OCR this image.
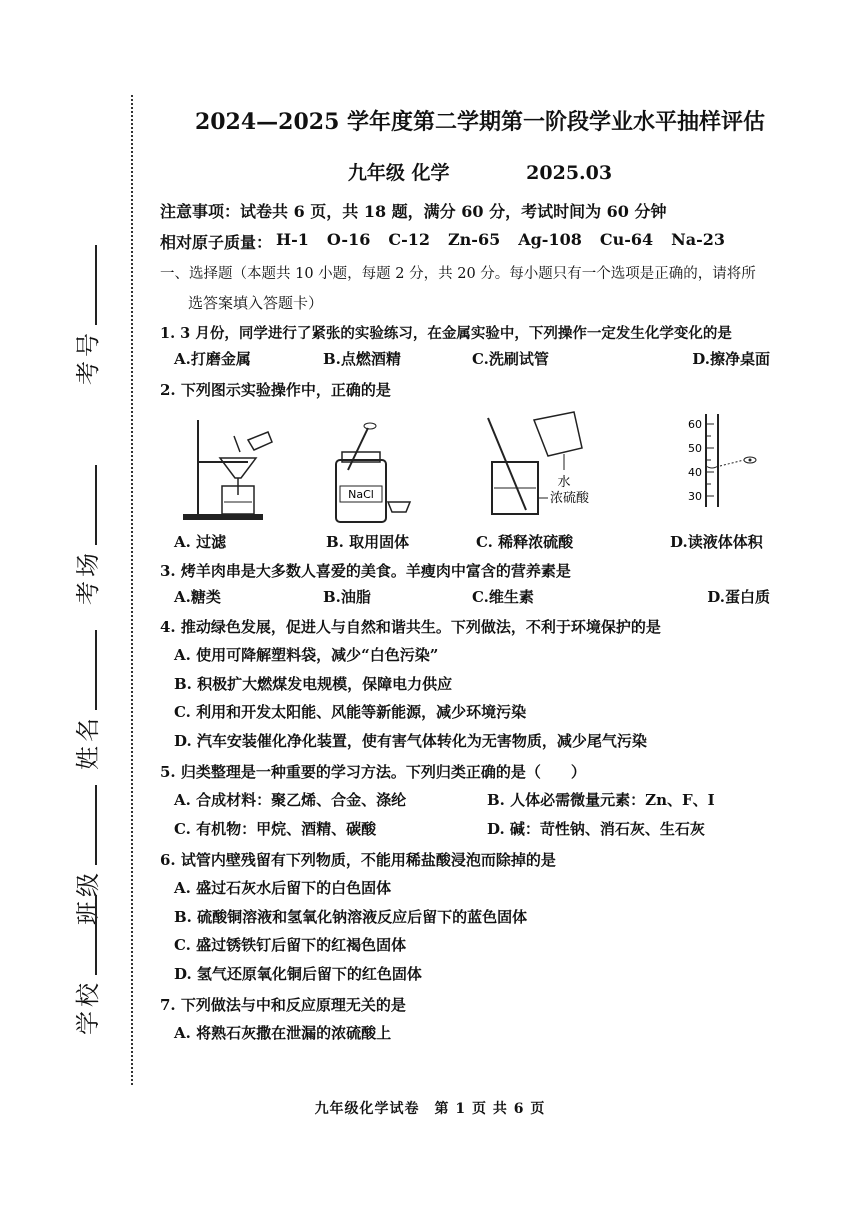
考号
考场
姓名
班级
学校
2024—2025 学年度第二学期第一阶段学业水平抽样评估
九年级 化学	2025.03
注意事项：试卷共 6 页，共 18 题，满分 60 分，考试时间为 60 分钟
相对原子质量： H-1 O-16 C-12 Zn-65 Ag-108 Cu-64 Na-23
一、选择题（本题共 10 小题，每题 2 分，共 20 分。每小题只有一个选项是正确的，请将所
选答案填入答题卡）
1. 3 月份，同学进行了紧张的实验练习，在金属实验中，下列操作一定发生化学变化的是
A.打磨金属	B.点燃酒精	C.洗刷试管	D.擦净桌面
2. 下列图示实验操作中，正确的是
NaCl
水
浓硫酸
60
50
40
30
A. 过滤	B. 取用固体	C. 稀释浓硫酸	D.读液体体积
3. 烤羊肉串是大多数人喜爱的美食。羊瘦肉中富含的营养素是
A.糖类	B.油脂	C.维生素	D.蛋白质
4. 推动绿色发展，促进人与自然和谐共生。下列做法，不利于环境保护的是
A. 使用可降解塑料袋，减少“白色污染”
B. 积极扩大燃煤发电规模，保障电力供应
C. 利用和开发太阳能、风能等新能源，减少环境污染
D. 汽车安装催化净化装置，使有害气体转化为无害物质，减少尾气污染
5. 归类整理是一种重要的学习方法。下列归类正确的是（　　）
A. 合成材料：聚乙烯、合金、涤纶	B. 人体必需微量元素：Zn、F、I
C. 有机物：甲烷、酒精、碳酸	D. 碱：苛性钠、消石灰、生石灰
6. 试管内壁残留有下列物质，不能用稀盐酸浸泡而除掉的是
A. 盛过石灰水后留下的白色固体
B. 硫酸铜溶液和氢氧化钠溶液反应后留下的蓝色固体
C. 盛过锈铁钉后留下的红褐色固体
D. 氢气还原氧化铜后留下的红色固体
7. 下列做法与中和反应原理无关的是
A. 将熟石灰撒在泄漏的浓硫酸上
九年级化学试卷　第 1 页 共 6 页
